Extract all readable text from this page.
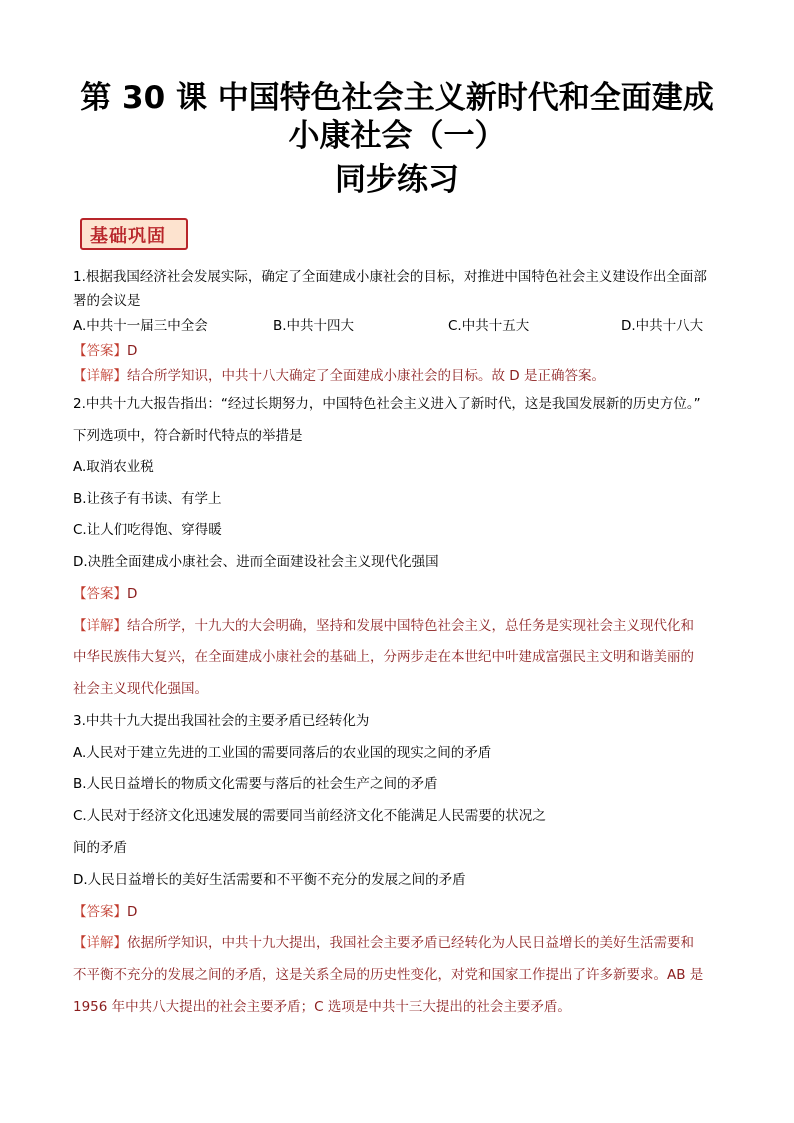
第 30 课 中国特色社会主义新时代和全面建成
小康社会（一）
同步练习
基础巩固
1.根据我国经济社会发展实际，确定了全面建成小康社会的目标，对推进中国特色社会主义建设作出全面部
署的会议是
A.中共十一届三中全会	B.中共十四大	C.中共十五大	D.中共十八大
【答案】D
【详解】结合所学知识，中共十八大确定了全面建成小康社会的目标。故 D 是正确答案。
2.中共十九大报告指出：“经过长期努力，中国特色社会主义进入了新时代，这是我国发展新的历史方位。”
下列选项中，符合新时代特点的举措是
A.取消农业税
B.让孩子有书读、有学上
C.让人们吃得饱、穿得暖
D.决胜全面建成小康社会、进而全面建设社会主义现代化强国
【答案】D
【详解】结合所学，十九大的大会明确，坚持和发展中国特色社会主义，总任务是实现社会主义现代化和
中华民族伟大复兴，在全面建成小康社会的基础上，分两步走在本世纪中叶建成富强民主文明和谐美丽的
社会主义现代化强国。
3.中共十九大提出我国社会的主要矛盾已经转化为
A.人民对于建立先进的工业国的需要同落后的农业国的现实之间的矛盾
B.人民日益增长的物质文化需要与落后的社会生产之间的矛盾
C.人民对于经济文化迅速发展的需要同当前经济文化不能满足人民需要的状况之
间的矛盾
D.人民日益增长的美好生活需要和不平衡不充分的发展之间的矛盾
【答案】D
【详解】依据所学知识，中共十九大提出，我国社会主要矛盾已经转化为人民日益增长的美好生活需要和
不平衡不充分的发展之间的矛盾，这是关系全局的历史性变化，对党和国家工作提出了许多新要求。AB 是
1956 年中共八大提出的社会主要矛盾；C 选项是中共十三大提出的社会主要矛盾。
